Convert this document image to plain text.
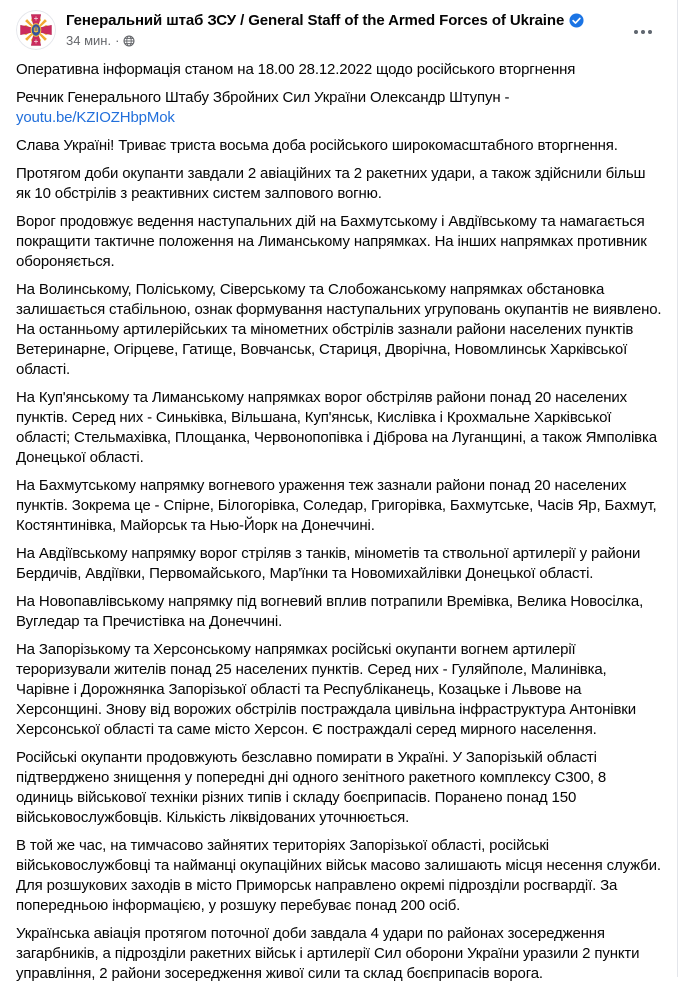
Генеральний штаб ЗСУ / General Staff of the Armed Forces of Ukraine
34 мин. ·

Оперативна інформація станом на 18.00 28.12.2022 щодо російського вторгнення

Речник Генерального Штабу Збройних Сил України Олександр Штупун -
youtu.be/KZIOZHbpMok

Слава Україні! Триває триста восьма доба російського широкомасштабного вторгнення.

Протягом доби окупанти завдали 2 авіаційних та 2 ракетних удари, а також здійснили більш як 10 обстрілів з реактивних систем залпового вогню.

Ворог продовжує ведення наступальних дій на Бахмутському і Авдіївському та намагається покращити тактичне положення на Лиманському напрямках. На інших напрямках противник обороняється.

На Волинському, Поліському, Сіверському та Слобожанському напрямках обстановка залишається стабільною, ознак формування наступальних угруповань окупантів не виявлено. На останньому артилерійських та мінометних обстрілів зазнали райони населених пунктів Ветеринарне, Огірцеве, Гатище, Вовчанськ, Стариця, Дворічна, Новомлинськ Харківської області.

На Куп'янському та Лиманському напрямках ворог обстріляв райони понад 20 населених пунктів. Серед них - Синьківка, Вільшана, Куп'янськ, Кислівка і Крохмальне Харківської області; Стельмахівка, Площанка, Червонопопівка і Діброва на Луганщині, а також Ямполівка Донецької області.

На Бахмутському напрямку вогневого ураження теж зазнали райони понад 20 населених пунктів. Зокрема це - Спірне, Білогорівка, Соледар, Григорівка, Бахмутське, Часів Яр, Бахмут, Костянтинівка, Майорськ та Нью-Йорк на Донеччині.

На Авдіївському напрямку ворог стріляв з танків, мінометів та ствольної артилерії у райони Бердичів, Авдіївки, Первомайського, Мар'їнки та Новомихайлівки Донецької області.

На Новопавлівському напрямку під вогневий вплив потрапили Времівка, Велика Новосілка, Вугледар та Пречистівка на Донеччині.

На Запорізькому та Херсонському напрямках російські окупанти вогнем артилерії тероризували жителів понад 25 населених пунктів. Серед них - Гуляйполе, Малинівка, Чарівне і Дорожнянка Запорізької області та Республіканець, Козацьке і Львове на Херсонщині. Знову від ворожих обстрілів постраждала цивільна інфраструктура Антонівки Херсонської області та саме місто Херсон. Є постраждалі серед мирного населення.

Російські окупанти продовжують безславно помирати в Україні. У Запорізькій області підтверджено знищення у попередні дні одного зенітного ракетного комплексу С300, 8 одиниць військової техніки різних типів і складу боєприпасів. Поранено понад 150 військовослужбовців. Кількість ліквідованих уточнюється.

В той же час, на тимчасово зайнятих територіях Запорізької області, російські військовослужбовці та найманці окупаційних військ масово залишають місця несення служби. Для розшукових заходів в місто Приморськ направлено окремі підрозділи росгвардії. За попередньою інформацією, у розшуку перебуває понад 200 осіб.

Українська авіація протягом поточної доби завдала 4 удари по районах зосередження загарбників, а підрозділи ракетних військ і артилерії Сил оборони України уразили 2 пункти управління, 2 райони зосередження живої сили та склад боєприпасів ворога.
